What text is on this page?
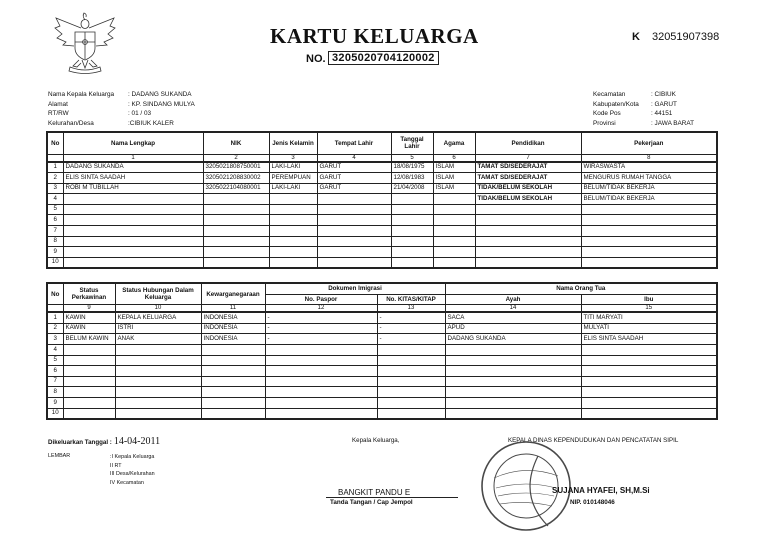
KARTU KELUARGA
NO. 3205020704120002
K 32051907398
Nama Kepala Keluarga	: DADANG SUKANDA
Alamat	: KP. SINDANG MULYA
RT/RW	: 01 / 03
Kelurahan/Desa	:CIBIUK KALER
Kecamatan	: CIBIUK
Kabupaten/Kota	: GARUT
Kode Pos	: 44151
Provinsi	: JAWA BARAT
No	Nama Lengkap	NIK	Jenis Kelamin	Tempat Lahir	Tanggal Lahir	Agama	Pendidikan	Pekerjaan
	1	2	3	4	5	6	7	8
1	DADANG SUKANDA	3205021808750001	LAKI-LAKI	GARUT	18/08/1975	ISLAM	TAMAT SD/SEDERAJAT	WIRASWASTA
2	ELIS SINTA SAADAH	3205021208830002	PEREMPUAN	GARUT	12/08/1983	ISLAM	TAMAT SD/SEDERAJAT	MENGURUS RUMAH TANGGA
3	ROBI M TUBILLAH	3205022104080001	LAKI-LAKI	GARUT	21/04/2008	ISLAM	TIDAK/BELUM SEKOLAH	BELUM/TIDAK BEKERJA
4							TIDAK/BELUM SEKOLAH	BELUM/TIDAK BEKERJA
5								
6								
7								
8								
9								
10								
No	Status Perkawinan	Status Hubungan Dalam Keluarga	Kewarganegaraan	Dokumen Imigrasi		Nama Orang Tua	
				No. Paspor	No. KITAS/KITAP	Ayah	Ibu
	9	10	11	12	13	14	15
1	KAWIN	KEPALA KELUARGA	INDONESIA	-	-	SACA	TITI MARYATI
2	KAWIN	ISTRI	INDONESIA	-	-	APUD	MULYATI
3	BELUM KAWIN	ANAK	INDONESIA	-	-	DADANG SUKANDA	ELIS SINTA SAADAH
4							
5							
6							
7							
8							
9							
10							
Dikeluarkan Tanggal : 14-04-2011
LEMBAR	:I Kepala Keluarga
II RT
III Desa/Kelurahan
IV Kecamatan
Kepala Keluarga,
BANGKIT PANDU E
Tanda Tangan / Cap Jempol
KEPALA DINAS KEPENDUDUKAN DAN PENCATATAN SIPIL
SUJANA HYAFEI, SH,M.Si
NIP. 010148046
